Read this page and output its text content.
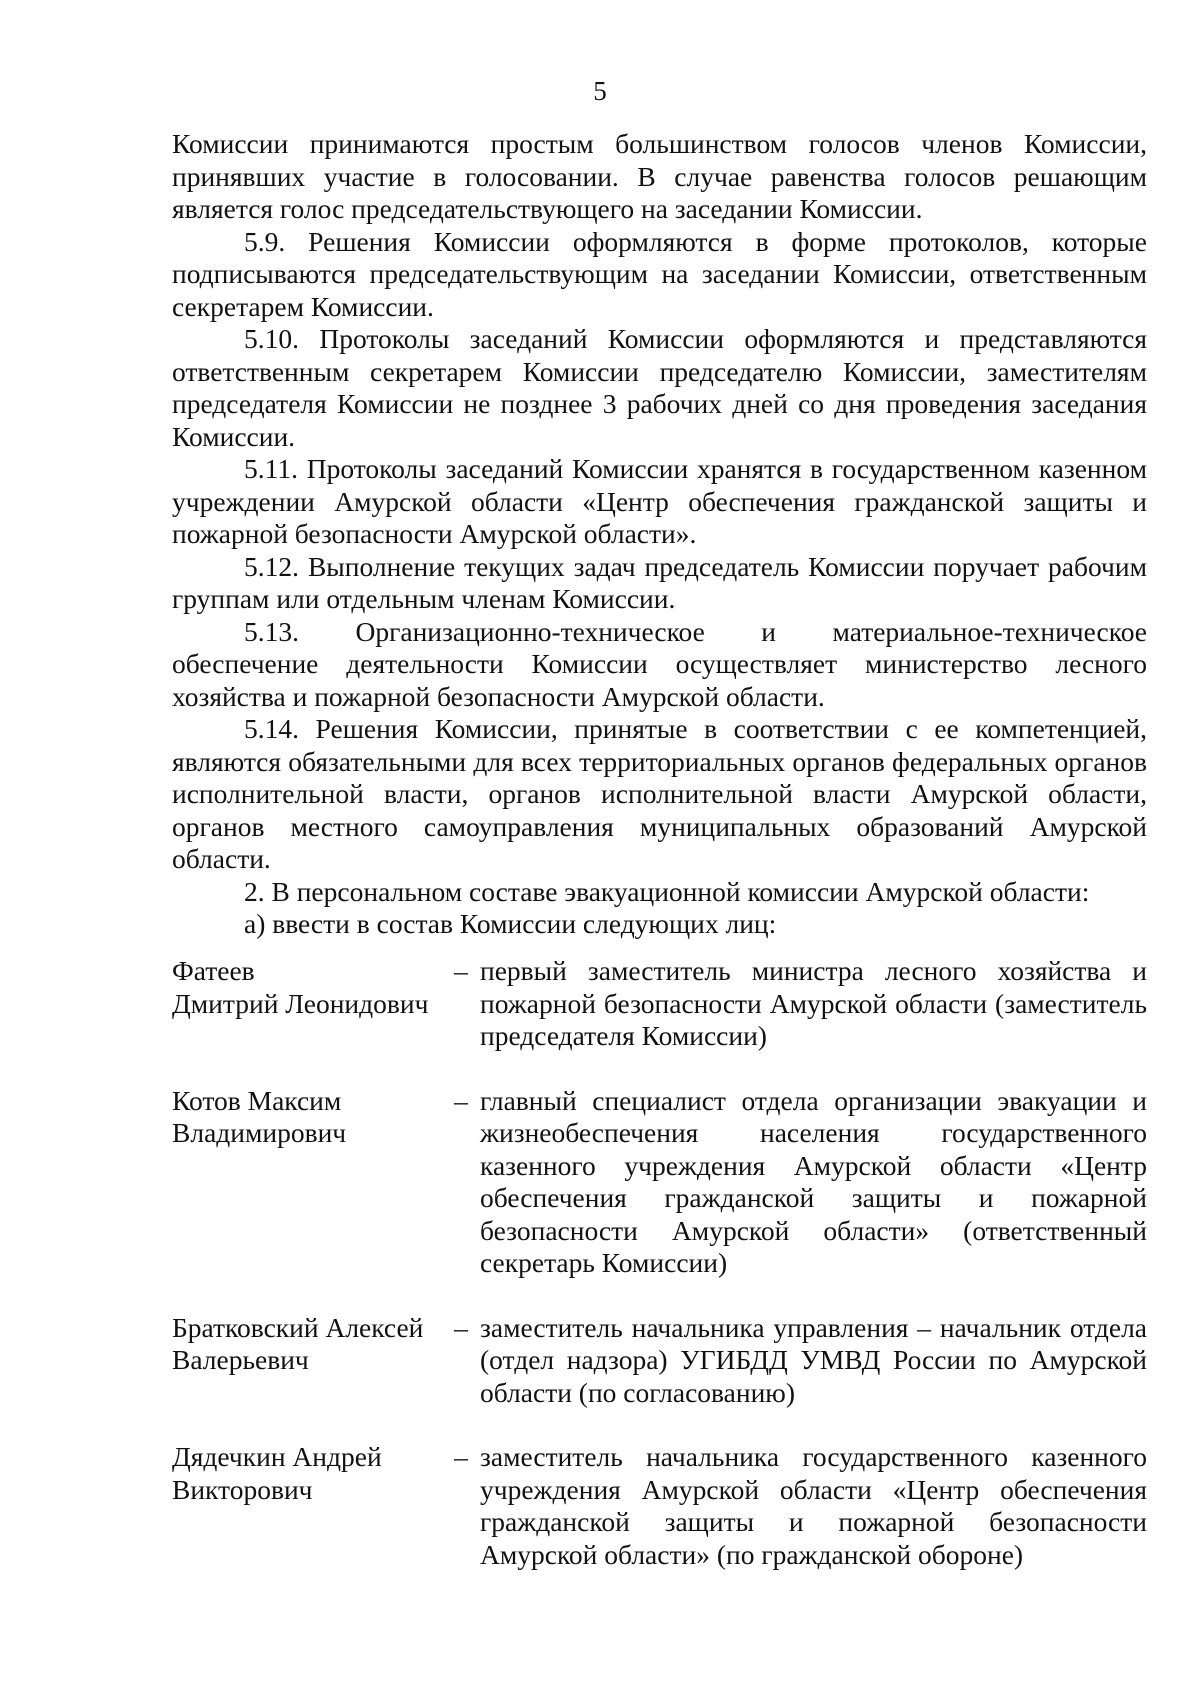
5

Комиссии принимаются простым большинством голосов членов Комиссии, принявших участие в голосовании. В случае равенства голосов решающим является голос председательствующего на заседании Комиссии.

5.9. Решения Комиссии оформляются в форме протоколов, которые подписываются председательствующим на заседании Комиссии, ответственным секретарем Комиссии.

5.10. Протоколы заседаний Комиссии оформляются и представляются ответственным секретарем Комиссии председателю Комиссии, заместителям председателя Комиссии не позднее 3 рабочих дней со дня проведения заседания Комиссии.

5.11. Протоколы заседаний Комиссии хранятся в государственном казенном учреждении Амурской области «Центр обеспечения гражданской защиты и пожарной безопасности Амурской области».

5.12. Выполнение текущих задач председатель Комиссии поручает рабочим группам или отдельным членам Комиссии.

5.13. Организационно-техническое и материальное-техническое обеспечение деятельности Комиссии осуществляет министерство лесного хозяйства и пожарной безопасности Амурской области.

5.14. Решения Комиссии, принятые в соответствии с ее компетенцией, являются обязательными для всех территориальных органов федеральных органов исполнительной власти, органов исполнительной власти Амурской области, органов местного самоуправления муниципальных образований Амурской области.

2. В персональном составе эвакуационной комиссии Амурской области:

а) ввести в состав Комиссии следующих лиц:

Фатеев
Дмитрий Леонидович
– первый заместитель министра лесного хозяйства и пожарной безопасности Амурской области (заместитель председателя Комиссии)
Котов Максим
Владимирович
– главный специалист отдела организации эвакуации и жизнеобеспечения населения государственного казенного учреждения Амурской области «Центр обеспечения гражданской защиты и пожарной безопасности Амурской области» (ответственный секретарь Комиссии)
Братковский Алексей
Валерьевич
– заместитель начальника управления – начальник отдела (отдел надзора) УГИБДД УМВД России по Амурской области (по согласованию)
Дядечкин Андрей
Викторович
– заместитель начальника государственного казенного учреждения Амурской области «Центр обеспечения гражданской защиты и пожарной безопасности Амурской области» (по гражданской обороне)
